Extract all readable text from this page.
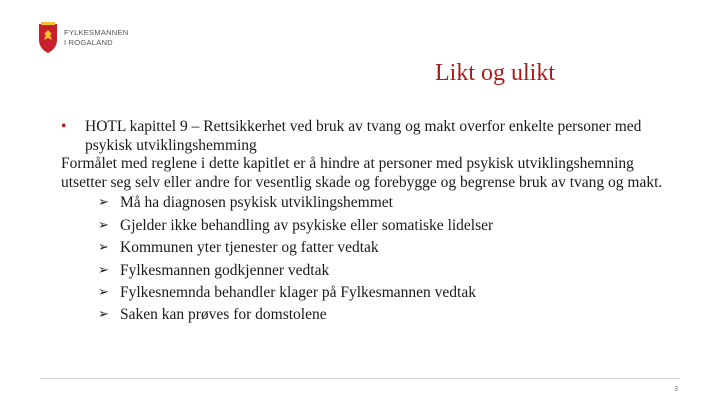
FYLKESMANNEN
I ROGALAND
Likt og ulikt
• HOTL kapittel 9 – Rettsikkerhet ved bruk av tvang og makt overfor enkelte personer med psykisk utviklingshemming

Formålet med reglene i dette kapitlet er å hindre at personer med psykisk utviklingshemning utsetter seg selv eller andre for vesentlig skade og forebygge og begrense bruk av tvang og makt.

➢ Må ha diagnosen psykisk utviklingshemmet
➢ Gjelder ikke behandling av psykiske eller somatiske lidelser
➢ Kommunen yter tjenester og fatter vedtak
➢ Fylkesmannen godkjenner vedtak
➢ Fylkesnemnda behandler klager på Fylkesmannen vedtak
➢ Saken kan prøves for domstolene
3
